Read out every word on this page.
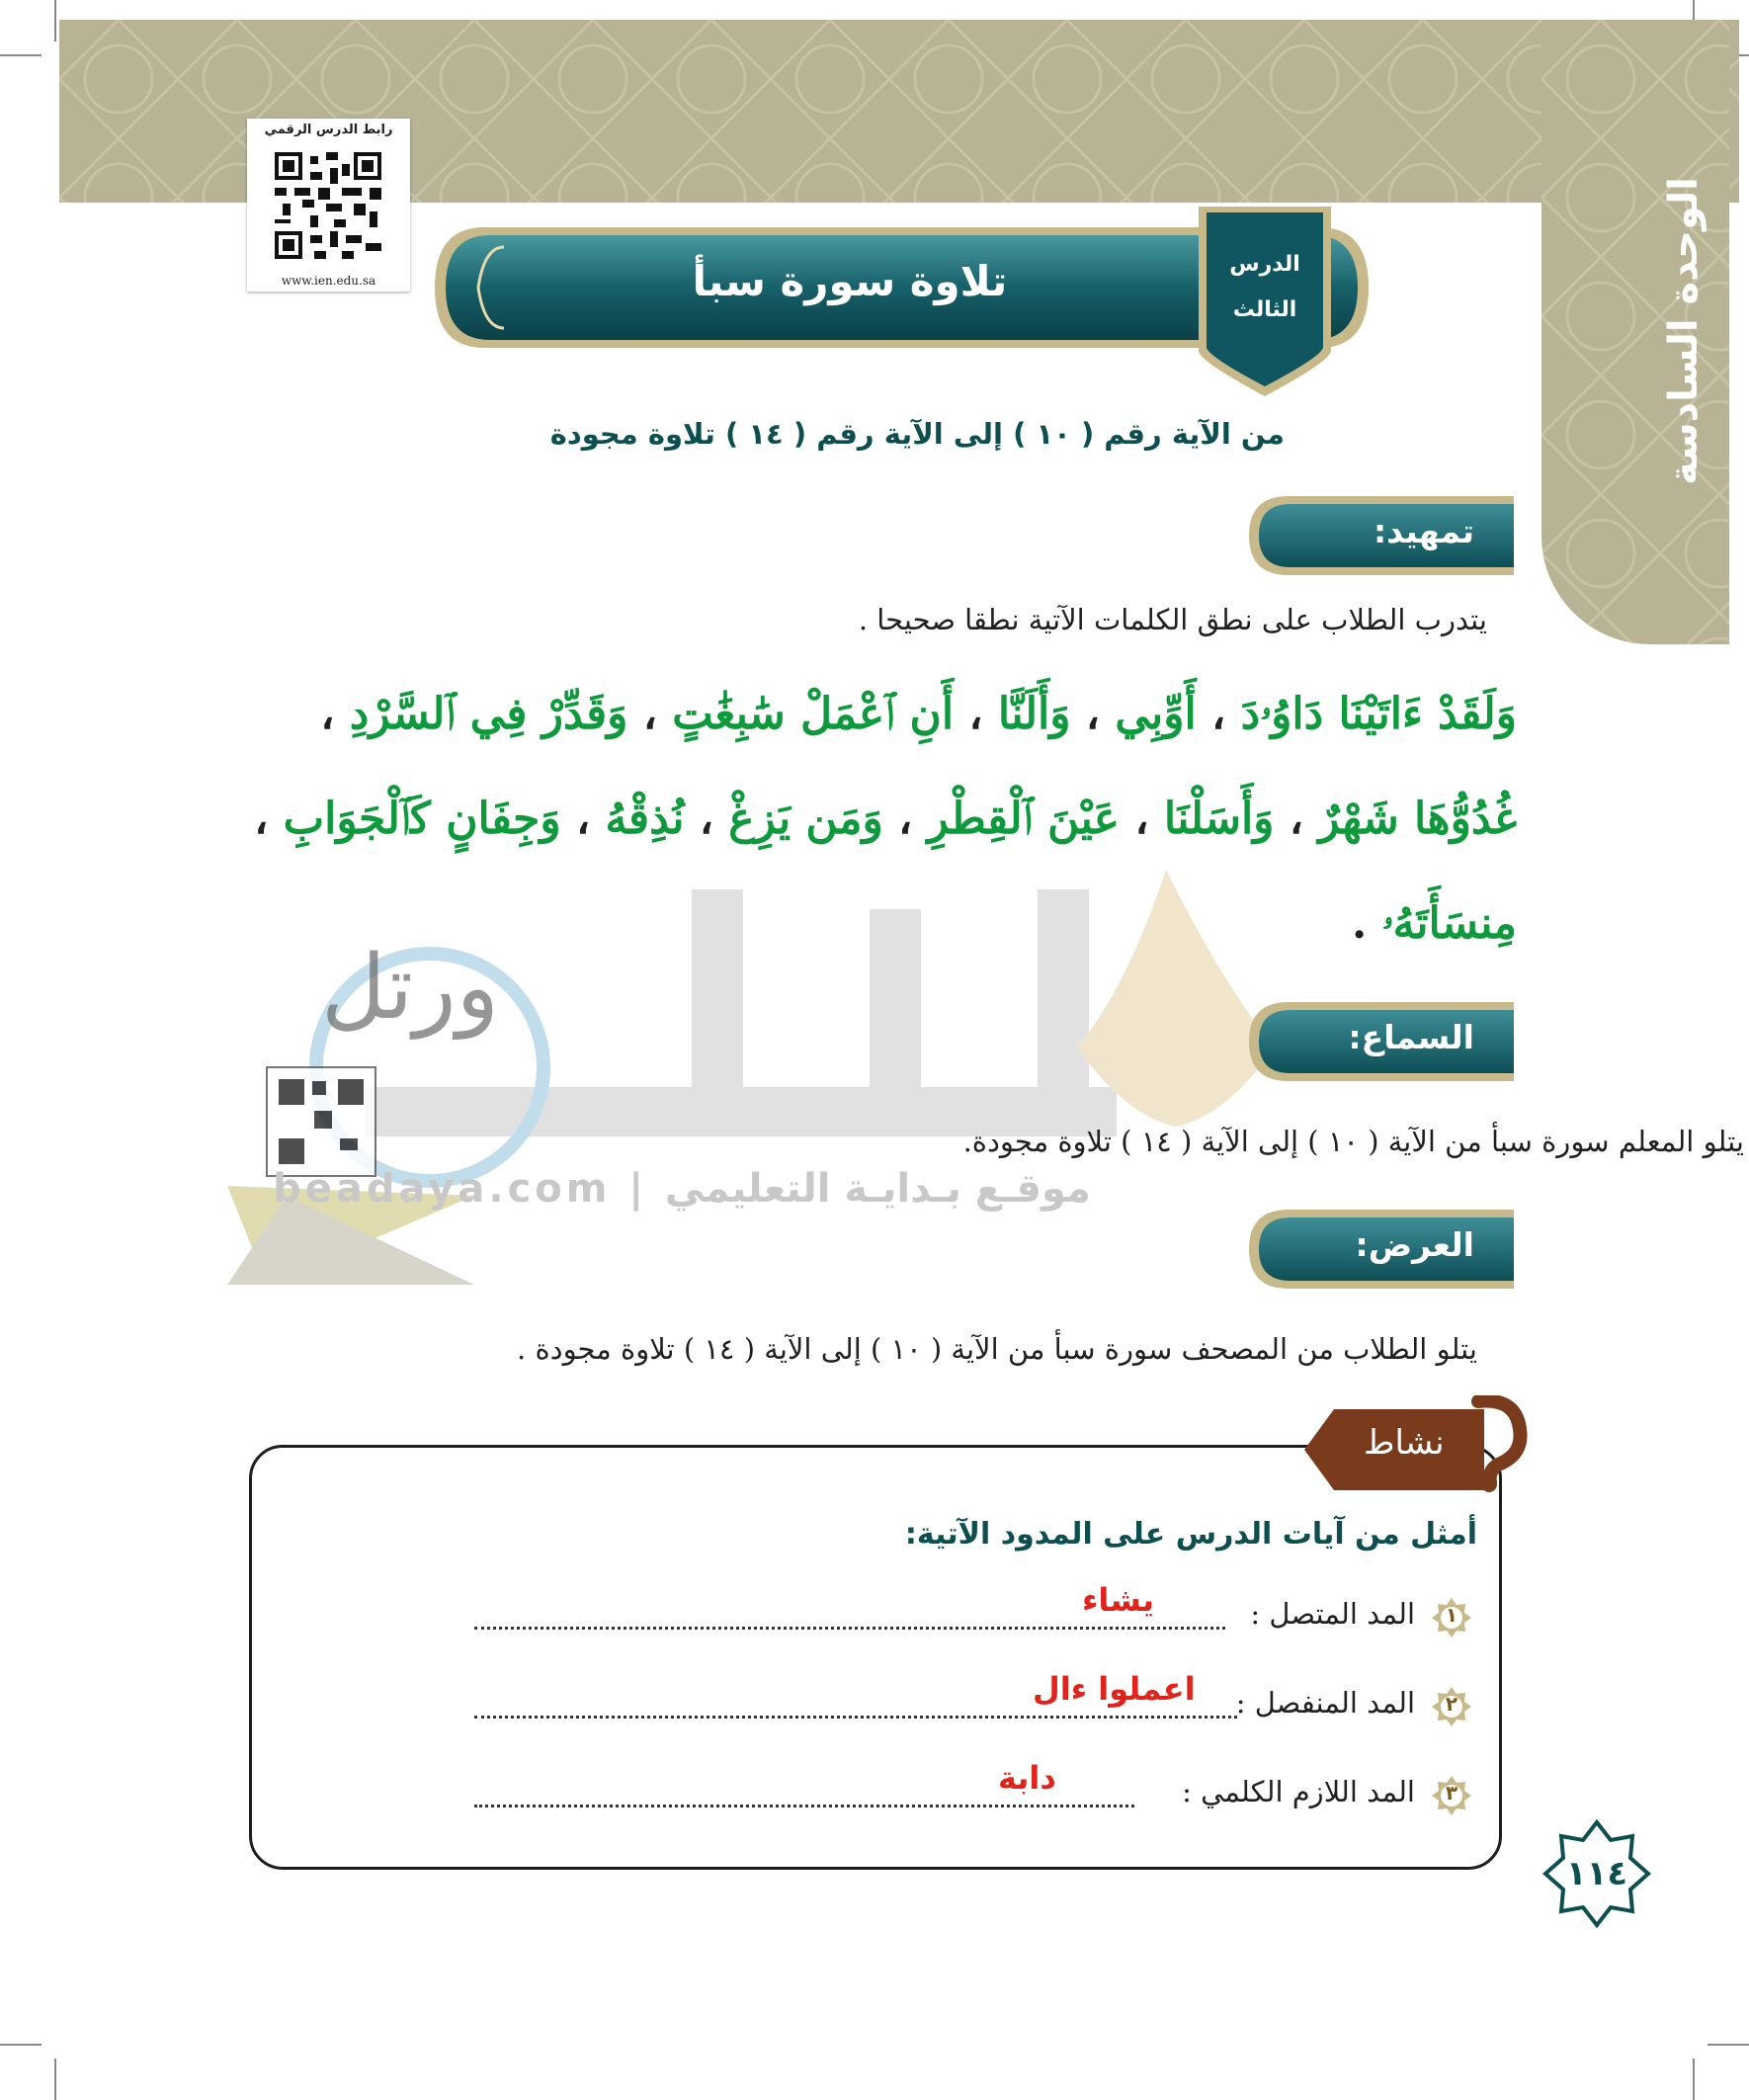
الوحدة السادسة
رابط الدرس الرقمي
www.ien.edu.sa	تلاوة سورة سبأ	الدرس
الثالث
من الآية رقم ( ١٠ ) إلى الآية رقم ( ١٤ ) تلاوة مجودة
تمهيد:
يتدرب الطلاب على نطق الكلمات الآتية نطقا صحيحا .
وَلَقَدْ ءَاتَيْنَا دَاوُۥدَ ، أَوِّبِي ، وَأَلَنَّا ، أَنِ ٱعْمَلْ سَٰبِغَٰتٍ ، وَقَدِّرْ فِي ٱلسَّرْدِ ، غُدُوُّهَا شَهْرٌ ، وَأَسَلْنَا ، عَيْنَ ٱلْقِطْرِ ، وَمَن يَزِغْ ، نُذِقْهُ ، وَجِفَانٍ كَٱلْجَوَابِ ، مِنسَأَتَهُۥ .
ورتل	السماع:
يتلو المعلم سورة سبأ من الآية ( ١٠ ) إلى الآية ( ١٤ ) تلاوة مجودة.
beadaya.com | موقـع بـدايـة التعليمي
العرض:
يتلو الطلاب من المصحف سورة سبأ من الآية ( ١٠ ) إلى الآية ( ١٤ ) تلاوة مجودة .
نشاط
أمثل من آيات الدرس على المدود الآتية:
١
المد المتصل :
يشاء
٢
المد المنفصل :
اعملوا ءال
٣
المد اللازم الكلمي :
دابة
١١٤
